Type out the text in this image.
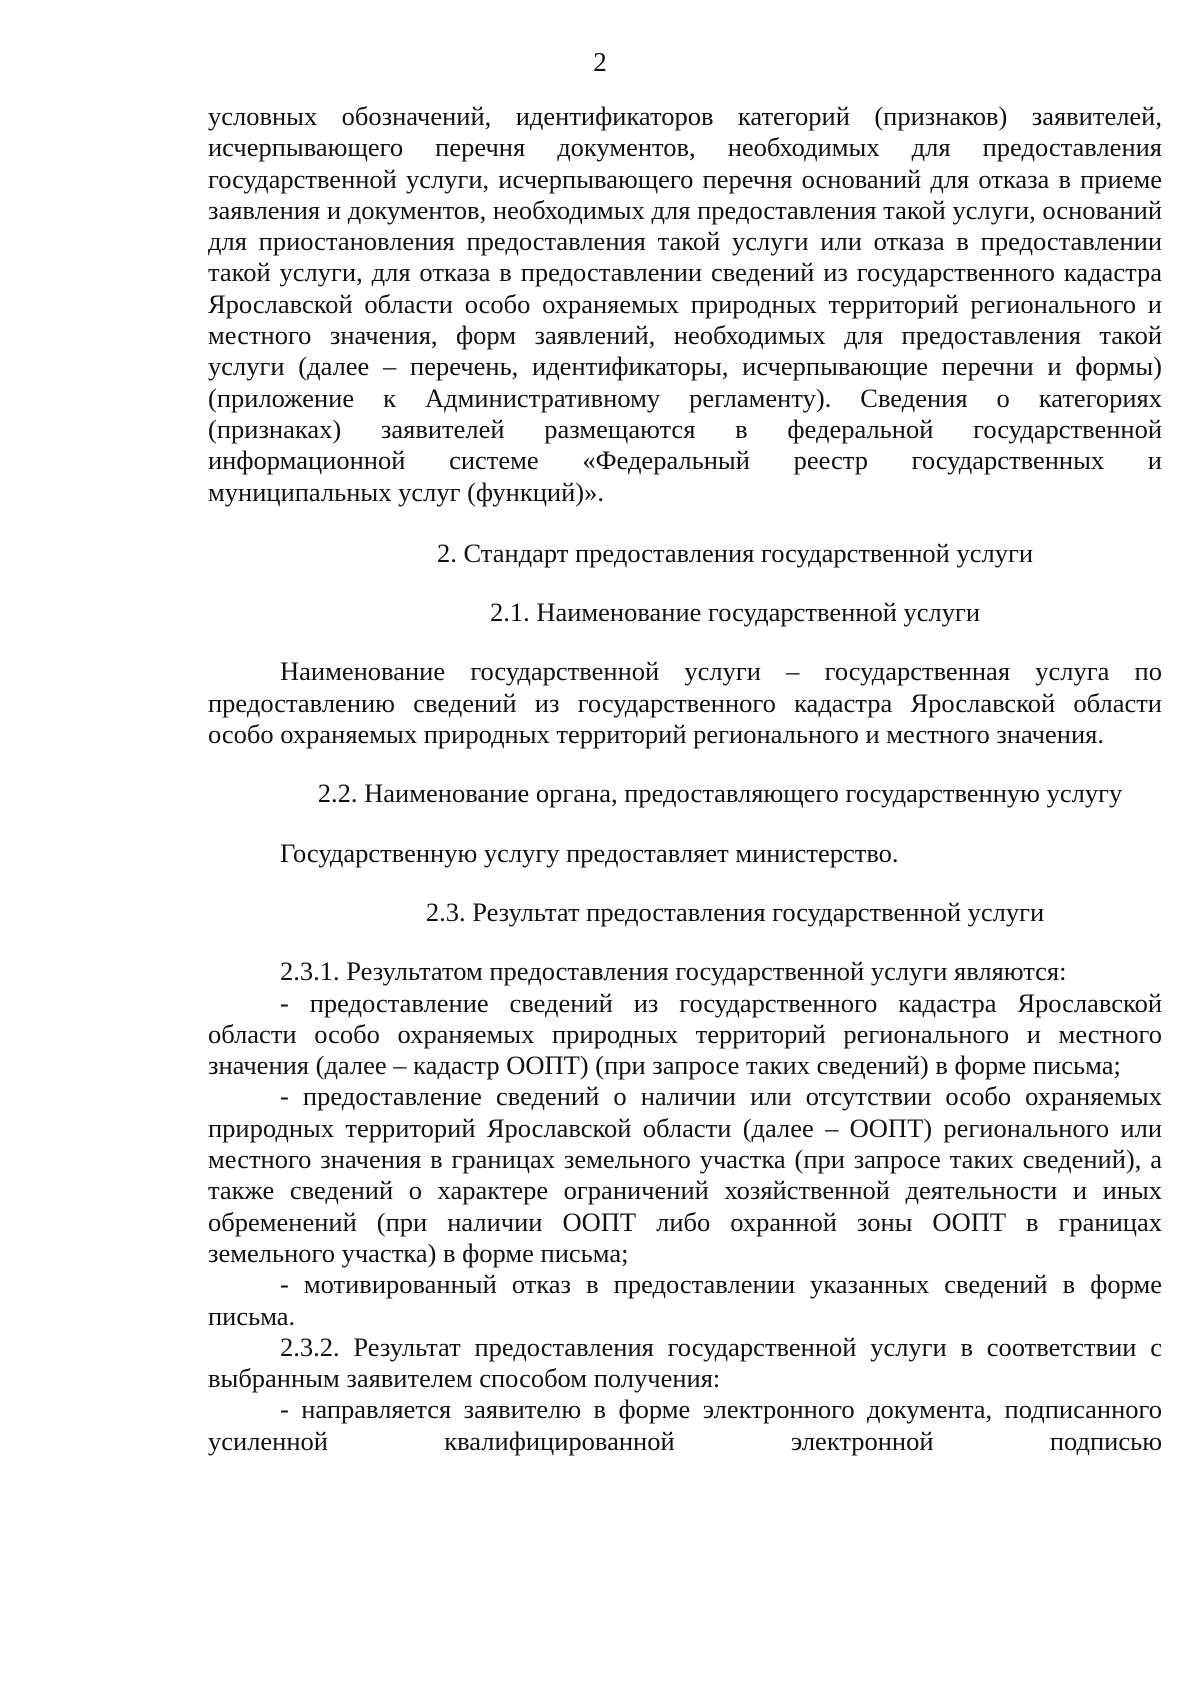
2

условных обозначений, идентификаторов категорий (признаков) заявителей, исчерпывающего перечня документов, необходимых для предоставления государственной услуги, исчерпывающего перечня оснований для отказа в приеме заявления и документов, необходимых для предоставления такой услуги, оснований для приостановления предоставления такой услуги или отказа в предоставлении такой услуги, для отказа в предоставлении сведений из государственного кадастра Ярославской области особо охраняемых природных территорий регионального и местного значения, форм заявлений, необходимых для предоставления такой услуги (далее – перечень, идентификаторы, исчерпывающие перечни и формы) (приложение к Административному регламенту). Сведения о категориях (признаках) заявителей размещаются в федеральной государственной информационной системе «Федеральный реестр государственных и муниципальных услуг (функций)».

2. Стандарт предоставления государственной услуги

2.1. Наименование государственной услуги

Наименование государственной услуги – государственная услуга по предоставлению сведений из государственного кадастра Ярославской области особо охраняемых природных территорий регионального и местного значения.

2.2. Наименование органа, предоставляющего государственную услугу

Государственную услугу предоставляет министерство.

2.3. Результат предоставления государственной услуги

2.3.1. Результатом предоставления государственной услуги являются:

- предоставление сведений из государственного кадастра Ярославской области особо охраняемых природных территорий регионального и местного значения (далее – кадастр ООПТ) (при запросе таких сведений) в форме письма;

- предоставление сведений о наличии или отсутствии особо охраняемых природных территорий Ярославской области (далее – ООПТ) регионального или местного значения в границах земельного участка (при запросе таких сведений), а также сведений о характере ограничений хозяйственной деятельности и иных обременений (при наличии ООПТ либо охранной зоны ООПТ в границах земельного участка) в форме письма;

- мотивированный отказ в предоставлении указанных сведений в форме письма.

2.3.2. Результат предоставления государственной услуги в соответствии с выбранным заявителем способом получения:

- направляется заявителю в форме электронного документа, подписанного усиленной квалифицированной электронной подписью
